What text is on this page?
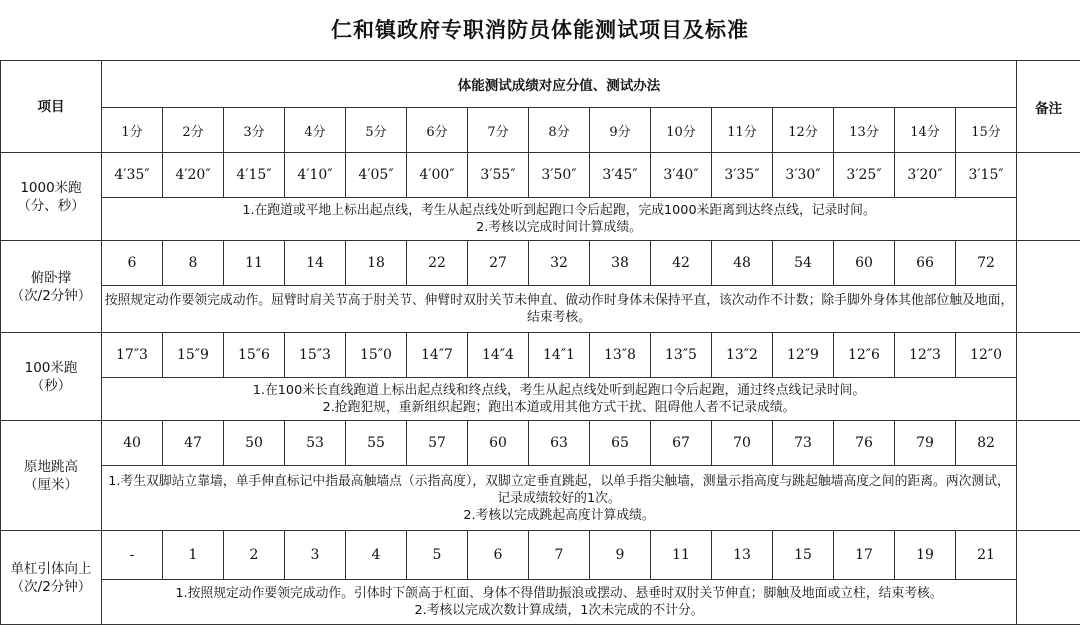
仁和镇政府专职消防员体能测试项目及标准
项目	体能测试成绩对应分值、测试办法															备注
	1分	2分	3分	4分	5分	6分	7分	8分	9分	10分	11分	12分	13分	14分	15分	

1000米跑
（分、秒）	4′35″	4′20″	4′15″	4′10″	4′05″	4′00″	3′55″	3′50″	3′45″	3′40″	3′35″	3′30″	3′25″	3′20″	3′15″	

	1.在跑道或平地上标出起点线，考生从起点线处听到起跑口令后起跑，完成1000米距离到达终点线，记录时间。
2.考核以完成时间计算成绩。															

俯卧撑
（次/2分钟）	6	8	11	14	18	22	27	32	38	42	48	54	60	66	72	

	按照规定动作要领完成动作。屈臂时肩关节高于肘关节、伸臂时双肘关节未伸直、做动作时身体未保持平直，该次动作不计数；除手脚外身体其他部位触及地面，结束考核。															

100米跑
（秒）	17″3	15″9	15″6	15″3	15″0	14″7	14″4	14″1	13″8	13″5	13″2	12″9	12″6	12″3	12″0	

	1.在100米长直线跑道上标出起点线和终点线，考生从起点线处听到起跑口令后起跑，通过终点线记录时间。
2.抢跑犯规，重新组织起跑；跑出本道或用其他方式干扰、阻碍他人者不记录成绩。															

原地跳高
（厘米）	40	47	50	53	55	57	60	63	65	67	70	73	76	79	82	

	1.考生双脚站立靠墙，单手伸直标记中指最高触墙点（示指高度），双脚立定垂直跳起，以单手指尖触墙，测量示指高度与跳起触墙高度之间的距离。两次测试，记录成绩较好的1次。
2.考核以完成跳起高度计算成绩。															

单杠引体向上
（次/2分钟）	-	1	2	3	4	5	6	7	9	11	13	15	17	19	21	

	1.按照规定动作要领完成动作。引体时下颌高于杠面、身体不得借助振浪或摆动、悬垂时双肘关节伸直；脚触及地面或立柱，结束考核。
2.考核以完成次数计算成绩，1次未完成的不计分。															
